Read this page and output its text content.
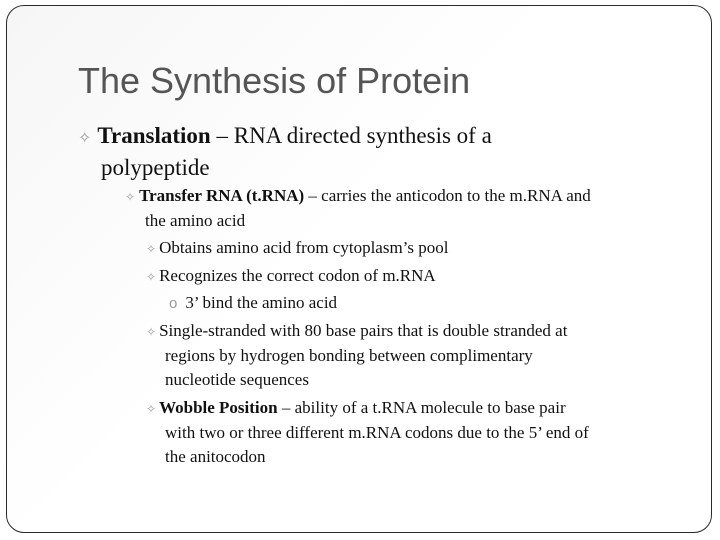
The Synthesis of Protein
✧ Translation – RNA directed synthesis of a
polypeptide
✧ Transfer RNA (t.RNA) – carries the anticodon to the m.RNA and
the amino acid
✧ Obtains amino acid from cytoplasm’s pool
✧ Recognizes the correct codon of m.RNA
o 3’ bind the amino acid
✧ Single-stranded with 80 base pairs that is double stranded at
regions by hydrogen bonding between complimentary
nucleotide sequences
✧ Wobble Position – ability of a t.RNA molecule to base pair
with two or three different m.RNA codons due to the 5’ end of
the anitocodon
